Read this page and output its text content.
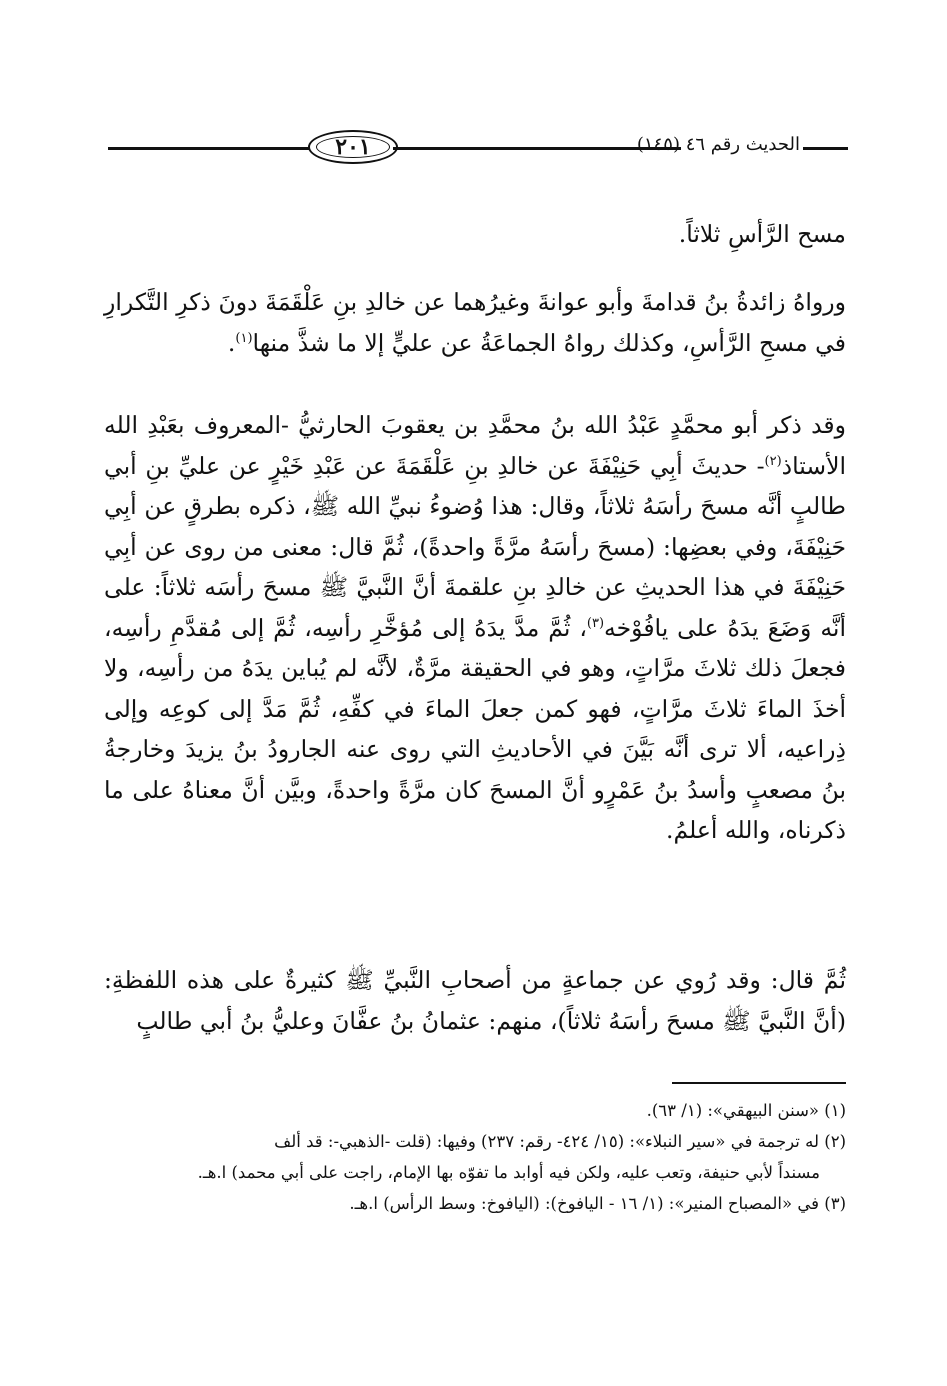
٢٠١	الحديث رقم ٤٦ (١٤٥)
مسح الرَّأسِ ثلاثاً.
ورواهُ زائدةُ بنُ قدامةَ وأبو عوانةَ وغيرُهما عن خالدِ بنِ عَلْقَمَةَ دونَ ذكرِ التَّكرارِ في مسحِ الرَّأسِ، وكذلك رواهُ الجماعَةُ عن عليٍّ إلا ما شذَّ منها$^{(١)}$.
وقد ذكر أبو محمَّدٍ عَبْدُ الله بنُ محمَّدِ بن يعقوبَ الحارثيُّ -المعروف بعَبْدِ الله الأستاذ$^{(٢)}$- حديثَ أبِي حَنِيْفَةَ عن خالدِ بنِ عَلْقَمَةَ عن عَبْدِ خَيْرٍ عن عليِّ بنِ أبي طالبٍ أنَّه مسحَ رأسَهُ ثلاثاً، وقال: هذا وُضوءُ نبيِّ الله ﷺ، ذكره بطرقٍ عن أبِي حَنِيْفَةَ، وفي بعضِها: (مسحَ رأسَهُ مرَّةً واحدةً)، ثُمَّ قال: معنى من روى عن أبِي حَنِيْفَةَ في هذا الحديثِ عن خالدِ بنِ علقمةَ أنَّ النَّبيَّ ﷺ مسحَ رأسَه ثلاثاً: على أنَّه وَضَعَ يدَهُ على يافُوْخه$^{(٣)}$، ثُمَّ مدَّ يدَهُ إلى مُؤخَّرِ رأسِه، ثُمَّ إلى مُقدَّمِ رأسِه، فجعلَ ذلك ثلاثَ مرَّاتٍ، وهو في الحقيقة مرَّةٌ، لأنَّه لم يُباين يدَهُ من رأسِه، ولا أخذَ الماءَ ثلاثَ مرَّاتٍ، فهو كمن جعلَ الماءَ في كفِّهِ، ثُمَّ مَدَّ إلى كوعِه وإلى ذِراعيه، ألا ترى أنَّه بَيَّنَ في الأحاديثِ التي روى عنه الجارودُ بنُ يزيدَ وخارجةُ بنُ مصعبٍ وأسدُ بنُ عَمْرٍو أنَّ المسحَ كان مرَّةً واحدةً، وبيَّن أنَّ معناهُ على ما ذكرناه، والله أعلمُ.
ثُمَّ قال: وقد رُوي عن جماعةٍ من أصحابِ النَّبيِّ ﷺ كثيرةٌ على هذه اللفظةِ: (أنَّ النَّبيَّ ﷺ مسحَ رأسَهُ ثلاثاً)، منهم: عثمانُ بنُ عفَّانَ وعليُّ بنُ أبي طالبٍ

(١) «سنن البيهقي»: (١/ ٦٣).

(٢) له ترجمة في «سير النبلاء»: (١٥/ ٤٢٤- رقم: ٢٣٧) وفيها: (قلت -الذهبي-: قد ألف

مسنداً لأبي حنيفة، وتعب عليه، ولكن فيه أوابد ما تفوّه بها الإمام، راجت على أبي محمد) ا.هـ.

(٣) في «المصباح المنير»: (١/ ١٦ - اليافوخ): (اليافوخ: وسط الرأس) ا.هـ.
